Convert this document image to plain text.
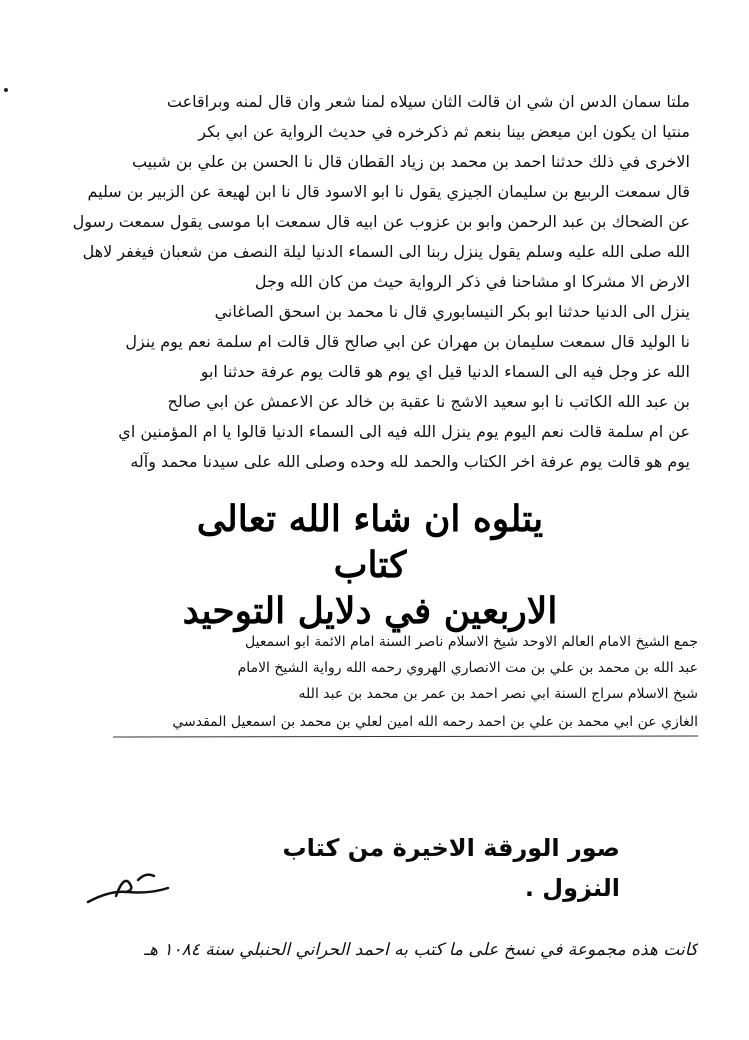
ملتا سمان الدس ان شي ان قالت الثان سيلاه لمنا شعر وان قال لمنه وبراقاعت
منتيا ان يكون ابن ميعض بينا بنعم ثم ذكرخره في حديث الرواية عن ابي بكر
الاخرى في ذلك حدثنا احمد بن محمد بن زياد القطان قال نا الحسن بن علي بن شبيب
قال سمعت الربيع بن سليمان الجيزي يقول نا ابو الاسود قال نا ابن لهيعة عن الزبير بن سليم
عن الضحاك بن عبد الرحمن وابو بن عزوب عن ابيه قال سمعت ابا موسى يقول سمعت رسول
الله صلى الله عليه وسلم يقول ينزل ربنا الى السماء الدنيا ليلة النصف من شعبان فيغفر لاهل
الارض الا مشركا او مشاحنا في ذكر الرواية حيث من كان الله وجل
ينزل الى الدنيا حدثنا ابو بكر النيسابوري قال نا محمد بن اسحق الصاغاني
نا الوليد قال سمعت سليمان بن مهران عن ابي صالح قال قالت ام سلمة نعم يوم ينزل
الله عز وجل فيه الى السماء الدنيا قيل اي يوم هو قالت يوم عرفة حدثنا ابو
بن عبد الله الكاتب نا ابو سعيد الاشج نا عقبة بن خالد عن الاعمش عن ابي صالح
عن ام سلمة قالت نعم اليوم يوم ينزل الله فيه الى السماء الدنيا قالوا يا ام المؤمنين اي
يوم هو قالت يوم عرفة اخر الكتاب والحمد لله وحده وصلى الله على سيدنا محمد وآله
يتلوه ان شاء الله تعالى كتاب
الاربعين في دلايل التوحيد
جمع الشيخ الامام العالم الاوحد شيخ الاسلام ناصر السنة امام الائمة ابو اسمعيل
عبد الله بن محمد بن علي بن مت الانصاري الهروي رحمه الله رواية الشيخ الامام
شيخ الاسلام سراج السنة ابي نصر احمد بن عمر بن محمد بن عبد الله
الغازي عن ابي محمد بن علي بن احمد رحمه الله امين لعلي بن محمد بن اسمعيل المقدسي
صور الورقة الاخيرة من كتاب النزول .
كانت هذه مجموعة في نسخ على ما كتب به احمد الحراني الحنبلي سنة ١٠٨٤ هـ
